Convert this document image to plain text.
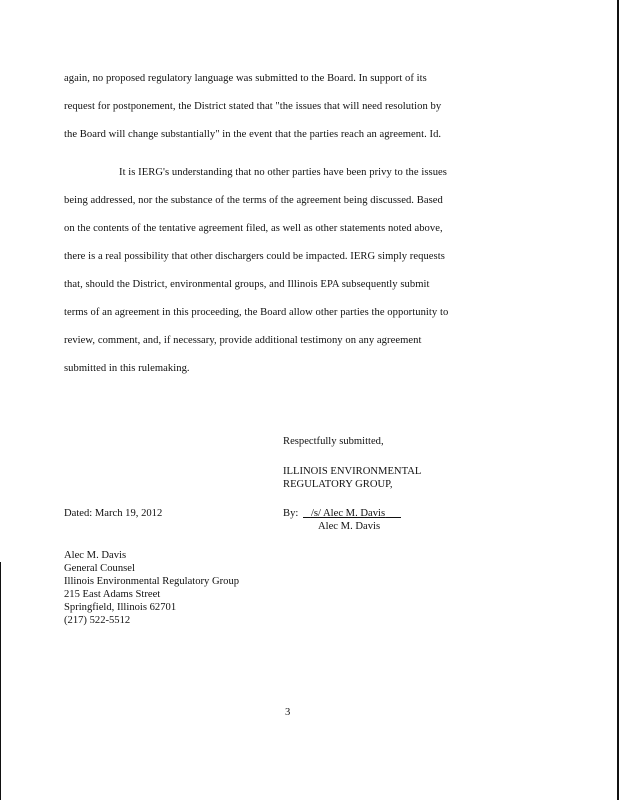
again, no proposed regulatory language was submitted to the Board. In support of its
request for postponement, the District stated that "the issues that will need resolution by
the Board will change substantially" in the event that the parties reach an agreement. Id.
It is IERG's understanding that no other parties have been privy to the issues
being addressed, nor the substance of the terms of the agreement being discussed. Based
on the contents of the tentative agreement filed, as well as other statements noted above,
there is a real possibility that other dischargers could be impacted. IERG simply requests
that, should the District, environmental groups, and Illinois EPA subsequently submit
terms of an agreement in this proceeding, the Board allow other parties the opportunity to
review, comment, and, if necessary, provide additional testimony on any agreement
submitted in this rulemaking.
Respectfully submitted,
ILLINOIS ENVIRONMENTAL
REGULATORY GROUP,
Dated: March 19, 2012	By:	/s/ Alec M. Davis
Alec M. Davis
Alec M. Davis
General Counsel
Illinois Environmental Regulatory Group
215 East Adams Street
Springfield, Illinois 62701
(217) 522-5512
3
